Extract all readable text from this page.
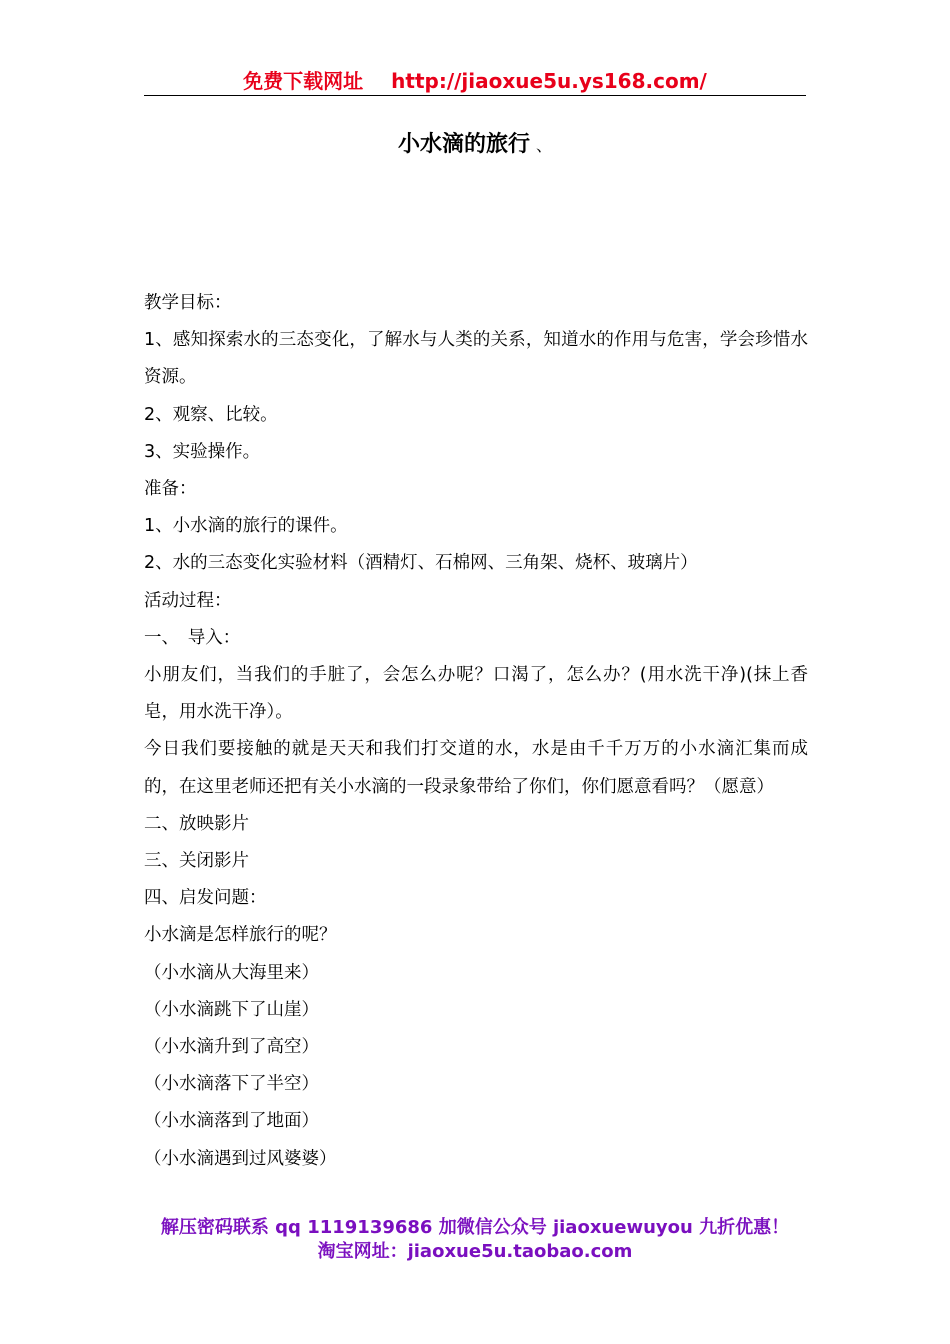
免费下载网址 http://jiaoxue5u.ys168.com/
小水滴的旅行 、
教学目标：
1、感知探索水的三态变化，了解水与人类的关系，知道水的作用与危害，学会珍惜水资源。
2、观察、比较。
3、实验操作。
准备：
1、小水滴的旅行的课件。
2、水的三态变化实验材料（酒精灯、石棉网、三角架、烧杯、玻璃片）
活动过程：
一、　导入：
小朋友们，当我们的手脏了，会怎么办呢？口渴了，怎么办？(用水洗干净)(抹上香皂，用水洗干净）。
今日我们要接触的就是天天和我们打交道的水，水是由千千万万的小水滴汇集而成的，在这里老师还把有关小水滴的一段录象带给了你们，你们愿意看吗？（愿意）
二、放映影片
三、关闭影片
四、启发问题：
小水滴是怎样旅行的呢？
（小水滴从大海里来）
（小水滴跳下了山崖）
（小水滴升到了高空）
（小水滴落下了半空）
（小水滴落到了地面）
（小水滴遇到过风婆婆）
解压密码联系 qq 1119139686 加微信公众号 jiaoxuewuyou 九折优惠！
淘宝网址：jiaoxue5u.taobao.com
